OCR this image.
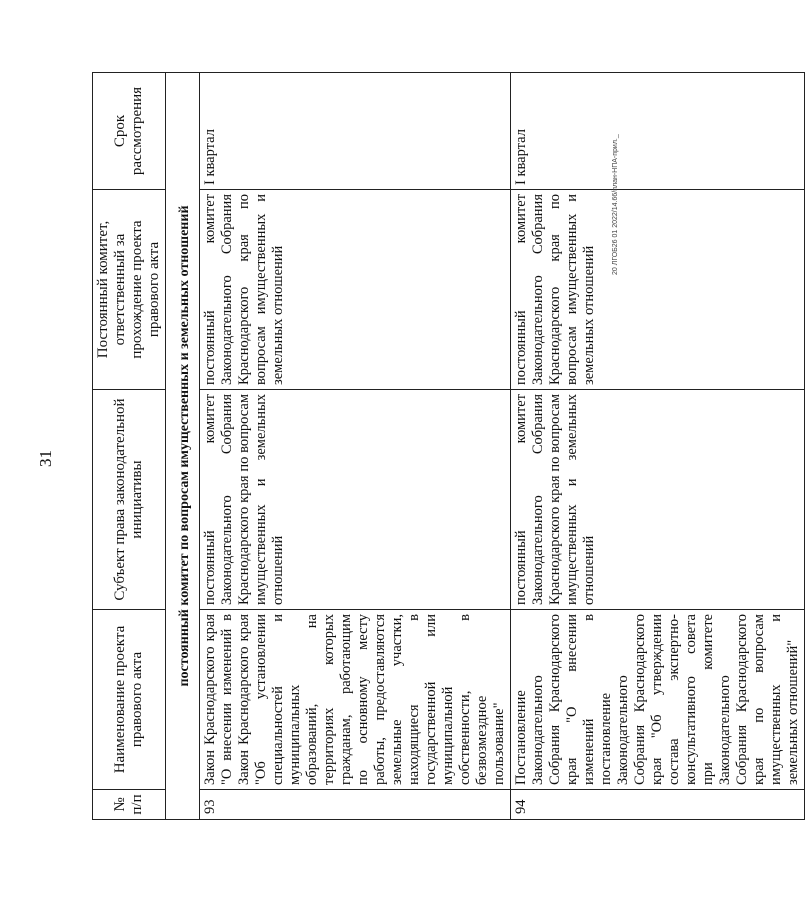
31
№ п/п	Наименование проекта правового акта	Субъект права законодательной инициативы	Постоянный комитет, ответственный за прохождение проекта правового акта	Срок рассмотрения
постоянный комитет по вопросам имущественных и земельных отношений				
93	Закон Краснодарского края "О внесении изменений в Закон Краснодарского края "Об установлении специальностей и муниципальных образований, на территориях которых гражданам, работающим по основному месту работы, предоставляются земельные участки, находящиеся в государственной или муниципальной собственности, в безвозмездное пользование"	постоянный комитет Законодательного Собрания Краснодарского края по вопросам имущественных и земельных отношений	постоянный комитет Законодательного Собрания Краснодарского края по вопросам имущественных и земельных отношений	I квартал
94	Постановление Законодательного Собрания Краснодарского края "О внесении изменений в постановление Законодательного Собрания Краснодарского края "Об утверждении состава экспертно-консультативного совета при комитете Законодательного Собрания Краснодарского края по вопросам имущественных и земельных отношений"	постоянный комитет Законодательного Собрания Краснодарского края по вопросам имущественных и земельных отношений	постоянный комитет Законодательного Собрания Краснодарского края по вопросам имущественных и земельных отношений	I квартал	20 ЛГОБ26 01 2022/14.66/план-НПА-прил._
